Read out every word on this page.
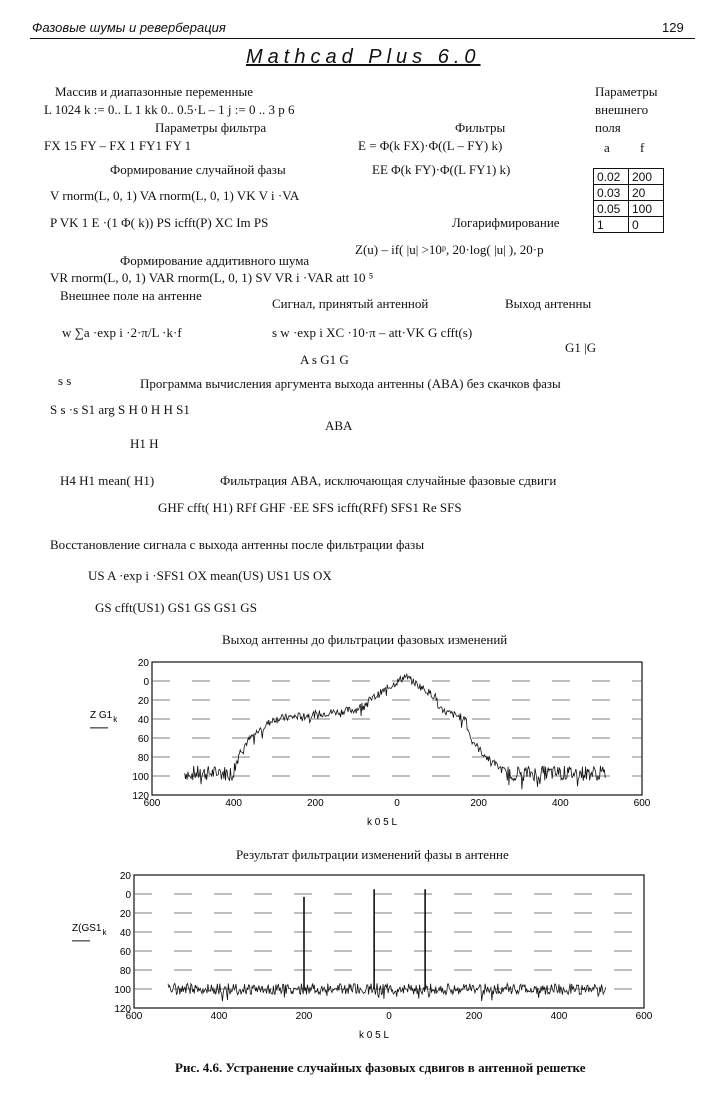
Фазовые шумы и реверберация	129
Mathcad Plus 6.0
Массив и диапазонные переменные
L 1024 k := 0.. L 1 kk 0.. 0.5·L – 1 j := 0 .. 3 p 6
Параметры фильтра	Фильтры
FX 15 FY – FX 1 FY1 FY 1	E = Φ(k FX)·Φ((L – FY) k)
Формирование случайной фазы	EE Φ(k FY)·Φ((L FY1) k)
V rnorm(L, 0, 1) VA rnorm(L, 0, 1) VK V i ·VA
P VK 1 E ·(1 Φ( k)) PS icfft(P) XC Im PS	Логарифмирование
Формирование аддитивного шума
Z(u) – if( |u| >10ᵖ, 20·log( |u| ), 20·p
VR rnorm(L, 0, 1) VAR rnorm(L, 0, 1) SV VR i ·VAR att 10 ⁵
Внешнее поле на антенне
Сигнал, принятый антенной	Выход антенны
w ∑a ·exp i ·2·π/L ·k·f	s w ·exp i XC ·10·π – att·VK G cfft(s)
A s G1 G
G1 |G
s s	Программа вычисления аргумента выхода антенны (ABA) без скачков фазы
S s ·s S1 arg S H 0 H H S1
ABA
H1 H
H4 H1 mean( H1)	Фильтрация ABA, исключающая случайные фазовые сдвиги
GHF cfft( H1) RFf GHF ·EE SFS icfft(RFf) SFS1 Re SFS
Восстановление сигнала с выхода антенны после фильтрации фазы
US A ·exp i ·SFS1 OX mean(US) US1 US OX
GS cfft(US1) GS1 GS GS1 GS
Параметры
внешнего
поля
a f
0.02	200
0.03	20
0.05	100
1	0
Выход антенны до фильтрации фазовых изменений
20
0
20
40
60
80
100
120
600	400	200	0	200	400	600
Z G1 k
k 0 5 L
Результат фильтрации изменений фазы в антенне
20
0
20
40
60
80
100
120
600	400	200	0	200	400	600
Z(GS1 k
k 0 5 L
Рис. 4.6. Устранение случайных фазовых сдвигов в антенной решетке
